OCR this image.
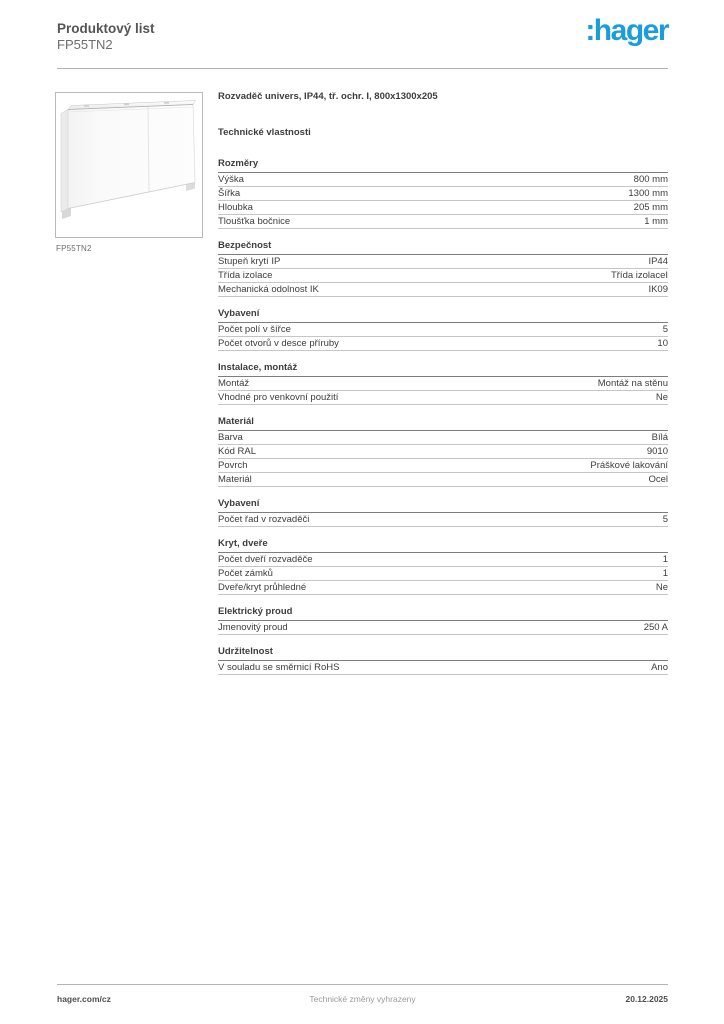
Produktový list
FP55TN2	:hager
FP55TN2
Rozvaděč univers, IP44, tř. ochr. I, 800x1300x205
Technické vlastnosti
Rozměry
Výška	800 mm
Šířka	1300 mm
Hloubka	205 mm
Tloušťka bočnice	1 mm
Bezpečnost
Stupeň krytí IP	IP44
Třída izolace	Třída izolaceI
Mechanická odolnost IK	IK09
Vybavení
Počet polí v šířce	5
Počet otvorů v desce příruby	10
Instalace, montáž
Montáž	Montáž na stěnu
Vhodné pro venkovní použití	Ne
Materiál
Barva	Bílá
Kód RAL	9010
Povrch	Práškové lakování
Materiál	Ocel
Vybavení
Počet řad v rozvaděči	5
Kryt, dveře
Počet dveří rozvaděče	1
Počet zámků	1
Dveře/kryt průhledné	Ne
Elektrický proud
Jmenovitý proud	250 A
Udržitelnost
V souladu se směrnicí RoHS	Ano
hager.com/cz	Technické změny vyhrazeny	20.12.2025
